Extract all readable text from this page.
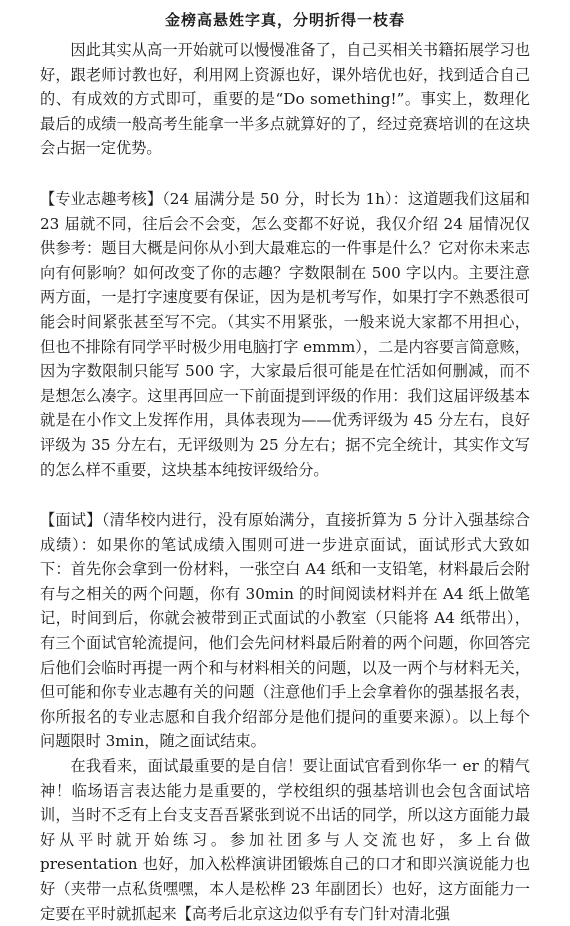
金榜高悬姓字真，分明折得一枝春

因此其实从高一开始就可以慢慢准备了，自己买相关书籍拓展学习也好，跟老师讨教也好，利用网上资源也好，课外培优也好，找到适合自己的、有成效的方式即可，重要的是“Do something!”。事实上，数理化最后的成绩一般高考生能拿一半多点就算好的了，经过竞赛培训的在这块会占据一定优势。

【专业志趣考核】（24 届满分是 50 分，时长为 1h）：这道题我们这届和 23 届就不同，往后会不会变，怎么变都不好说，我仅介绍 24 届情况仅供参考：题目大概是问你从小到大最难忘的一件事是什么？它对你未来志向有何影响？如何改变了你的志趣？字数限制在 500 字以内。主要注意两方面，一是打字速度要有保证，因为是机考写作，如果打字不熟悉很可能会时间紧张甚至写不完。（其实不用紧张，一般来说大家都不用担心，但也不排除有同学平时极少用电脑打字 emmm），二是内容要言简意赅，因为字数限制只能写 500 字，大家最后很可能是在忙活如何删减，而不是想怎么凑字。这里再回应一下前面提到评级的作用：我们这届评级基本就是在小作文上发挥作用，具体表现为——优秀评级为 45 分左右，良好评级为 35 分左右，无评级则为 25 分左右；据不完全统计，其实作文写的怎么样不重要，这块基本纯按评级给分。

【面试】（清华校内进行，没有原始满分，直接折算为 5 分计入强基综合成绩）：如果你的笔试成绩入围则可进一步进京面试，面试形式大致如下：首先你会拿到一份材料，一张空白 A4 纸和一支铅笔，材料最后会附有与之相关的两个问题，你有 30min 的时间阅读材料并在 A4 纸上做笔记，时间到后，你就会被带到正式面试的小教室（只能将 A4 纸带出），有三个面试官轮流提问，他们会先问材料最后附着的两个问题，你回答完后他们会临时再提一两个和与材料相关的问题，以及一两个与材料无关，但可能和你专业志趣有关的问题（注意他们手上会拿着你的强基报名表，你所报名的专业志愿和自我介绍部分是他们提问的重要来源）。以上每个问题限时 3min，随之面试结束。

在我看来，面试最重要的是自信！要让面试官看到你华一 er 的精气神！临场语言表达能力是重要的，学校组织的强基培训也会包含面试培训，当时不乏有上台支支吾吾紧张到说不出话的同学，所以这方面能力最好从平时就开始练习。参加社团多与人交流也好，多上台做 presentation 也好，加入松桦演讲团锻炼自己的口才和即兴演说能力也好（夹带一点私货嘿嘿，本人是松桦 23 年副团长）也好，这方面能力一定要在平时就抓起来【高考后北京这边似乎有专门针对清北强
